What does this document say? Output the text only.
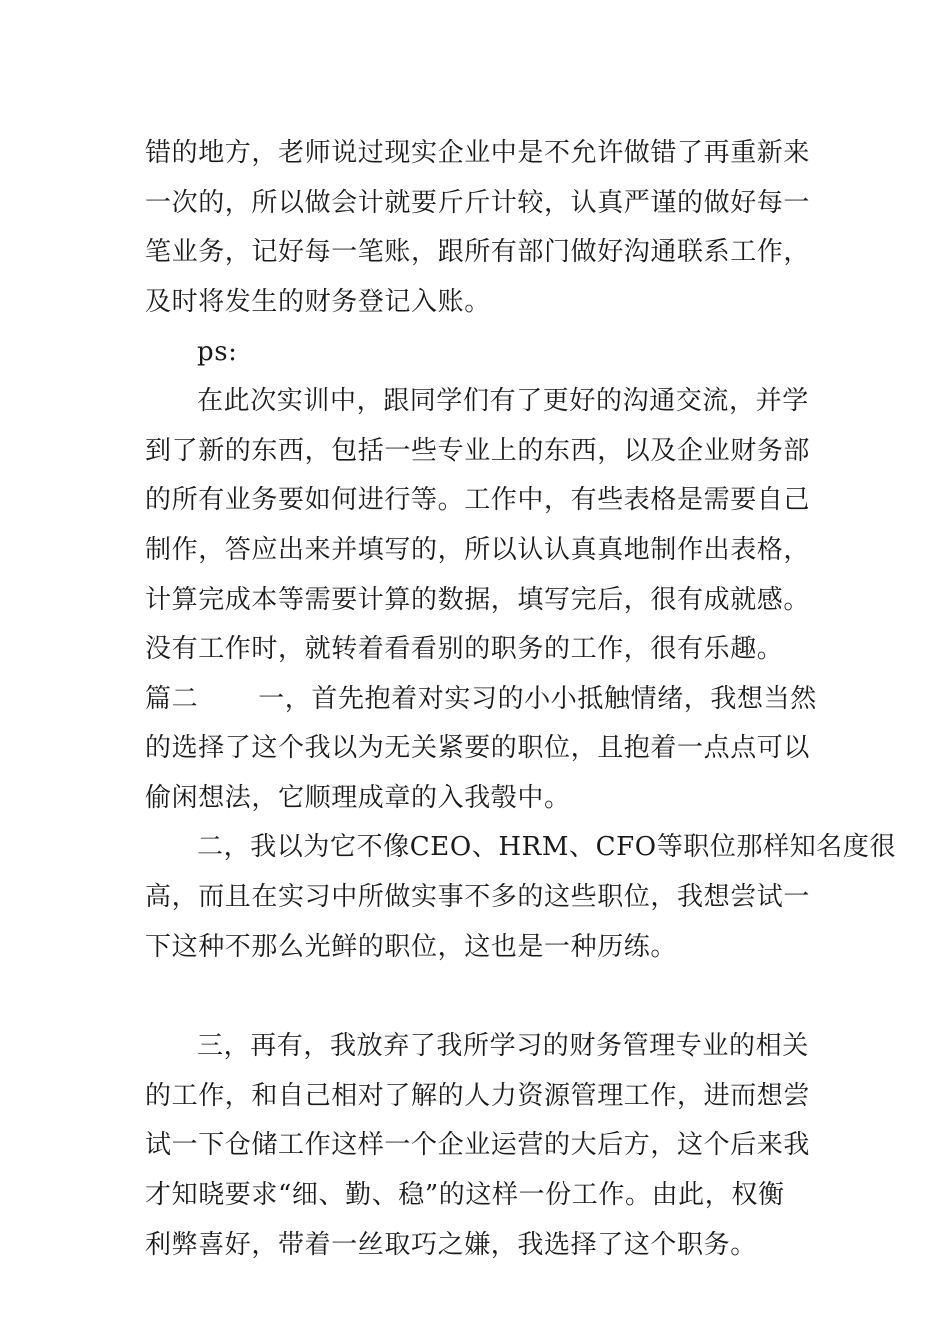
错的地方，老师说过现实企业中是不允许做错了再重新来
一次的，所以做会计就要斤斤计较，认真严谨的做好每一
笔业务，记好每一笔账，跟所有部门做好沟通联系工作，
及时将发生的财务登记入账。
ps:
在此次实训中，跟同学们有了更好的沟通交流，并学
到了新的东西，包括一些专业上的东西，以及企业财务部
的所有业务要如何进行等。工作中，有些表格是需要自己
制作，答应出来并填写的，所以认认真真地制作出表格，
计算完成本等需要计算的数据，填写完后，很有成就感。
没有工作时，就转着看看别的职务的工作，很有乐趣。
篇二 一，首先抱着对实习的小小抵触情绪，我想当然
的选择了这个我以为无关紧要的职位，且抱着一点点可以
偷闲想法，它顺理成章的入我彀中。
二，我以为它不像CEO、HRM、CFO等职位那样知名度很
高，而且在实习中所做实事不多的这些职位，我想尝试一
下这种不那么光鲜的职位，这也是一种历练。
三，再有，我放弃了我所学习的财务管理专业的相关
的工作，和自己相对了解的人力资源管理工作，进而想尝
试一下仓储工作这样一个企业运营的大后方，这个后来我
才知晓要求“细、勤、稳”的这样一份工作。由此，权衡
利弊喜好，带着一丝取巧之嫌，我选择了这个职务。
